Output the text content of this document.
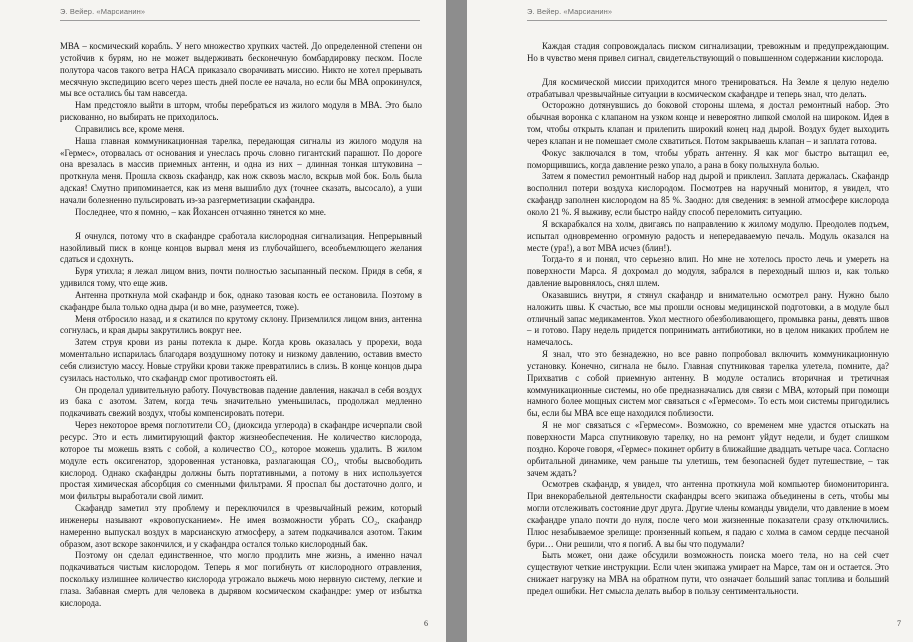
Э. Вейер. «Марсианин»

МВА – космический корабль. У него множество хрупких частей. До определенной степени он устойчив к бурям, но не может выдерживать бесконечную бомбардировку песком. После полутора часов такого ветра НАСА приказало сворачивать миссию. Никто не хотел прерывать месячную экспедицию всего через шесть дней после ее начала, но если бы МВА опрокинулся, мы все остались бы там навсегда.

Нам предстояло выйти в шторм, чтобы перебраться из жилого модуля в МВА. Это было рискованно, но выбирать не приходилось.

Справились все, кроме меня.

Наша главная коммуникационная тарелка, передающая сигналы из жилого модуля на «Гермес», оторвалась от основания и унеслась прочь словно гигантский парашют. По дороге она врезалась в массив приемных антенн, и одна из них – длинная тонкая штуковина – проткнула меня. Прошла сквозь скафандр, как нож сквозь масло, вскрыв мой бок. Боль была адская! Смутно припоминается, как из меня вышибло дух (точнее сказать, высосало), а уши начали болезненно пульсировать из-за разгерметизации скафандра.

Последнее, что я помню, – как Йохансен отчаянно тянется ко мне.

Я очнулся, потому что в скафандре сработала кислородная сигнализация. Непрерывный назойливый писк в конце концов вырвал меня из глубочайшего, всеобъемлющего желания сдаться и сдохнуть.

Буря утихла; я лежал лицом вниз, почти полностью засыпанный песком. Придя в себя, я удивился тому, что еще жив.

Антенна проткнула мой скафандр и бок, однако тазовая кость ее остановила. Поэтому в скафандре была только одна дыра (и во мне, разумеется, тоже).

Меня отбросило назад, и я скатился по крутому склону. Приземлился лицом вниз, антенна согнулась, и края дыры закрутились вокруг нее.

Затем струя крови из раны потекла к дыре. Когда кровь оказалась у прорехи, вода моментально испарилась благодаря воздушному потоку и низкому давлению, оставив вместо себя слизистую массу. Новые струйки крови также превратились в слизь. В конце концов дыра сузилась настолько, что скафандр смог противостоять ей.

Он проделал удивительную работу. Почувствовав падение давления, накачал в себя воздух из бака с азотом. Затем, когда течь значительно уменьшилась, продолжал медленно подкачивать свежий воздух, чтобы компенсировать потери.

Через некоторое время поглотители CO₂ (диоксида углерода) в скафандре исчерпали свой ресурс. Это и есть лимитирующий фактор жизнеобеспечения. Не количество кислорода, которое ты можешь взять с собой, а количество CO₂, которое можешь удалить. В жилом модуле есть оксигенатор, здоровенная установка, разлагающая CO₂, чтобы высвободить кислород. Однако скафандры должны быть портативными, а потому в них используется простая химическая абсорбция со сменными фильтрами. Я проспал бы достаточно долго, и мои фильтры выработали свой лимит.

Скафандр заметил эту проблему и переключился в чрезвычайный режим, который инженеры называют «кровопусканием». Не имея возможности убрать CO₂, скафандр намеренно выпускал воздух в марсианскую атмосферу, а затем подкачивался азотом. Таким образом, азот вскоре закончился, и у скафандра остался только кислородный бак.

Поэтому он сделал единственное, что могло продлить мне жизнь, а именно начал подкачиваться чистым кислородом. Теперь я мог погибнуть от кислородного отравления, поскольку излишнее количество кислорода угрожало выжечь мою нервную систему, легкие и глаза. Забавная смерть для человека в дырявом космическом скафандре: умер от избытка кислорода.

6
Э. Вейер. «Марсианин»

Каждая стадия сопровождалась писком сигнализации, тревожным и предупреждающим. Но в чувство меня привел сигнал, свидетельствующий о повышенном содержании кислорода.

Для космической миссии приходится много тренироваться. На Земле я целую неделю отрабатывал чрезвычайные ситуации в космическом скафандре и теперь знал, что делать.

Осторожно дотянувшись до боковой стороны шлема, я достал ремонтный набор. Это обычная воронка с клапаном на узком конце и невероятно липкой смолой на широком. Идея в том, чтобы открыть клапан и прилепить широкий конец над дырой. Воздух будет выходить через клапан и не помешает смоле схватиться. Потом закрываешь клапан – и заплата готова.

Фокус заключался в том, чтобы убрать антенну. Я как мог быстро вытащил ее, поморщившись, когда давление резко упало, а рана в боку полыхнула болью.

Затем я поместил ремонтный набор над дырой и приклеил. Заплата держалась. Скафандр восполнил потери воздуха кислородом. Посмотрев на наручный монитор, я увидел, что скафандр заполнен кислородом на 85 %. Заодно: для сведения: в земной атмосфере кислорода около 21 %. Я выживу, если быстро найду способ переломить ситуацию.

Я вскарабкался на холм, двигаясь по направлению к жилому модулю. Преодолев подъем, испытал одновременно огромную радость и непередаваемую печаль. Модуль оказался на месте (ура!), а вот МВА исчез (блин!).

Тогда-то я и понял, что серьезно влип. Но мне не хотелось просто лечь и умереть на поверхности Марса. Я дохромал до модуля, забрался в переходный шлюз и, как только давление выровнялось, снял шлем.

Оказавшись внутри, я стянул скафандр и внимательно осмотрел рану. Нужно было наложить швы. К счастью, все мы прошли основы медицинской подготовки, а в модуле был отличный запас медикаментов. Укол местного обезболивающего, промывка раны, девять швов – и готово. Пару недель придется попринимать антибиотики, но в целом никаких проблем не намечалось.

Я знал, что это безнадежно, но все равно попробовал включить коммуникационную установку. Конечно, сигнала не было. Главная спутниковая тарелка улетела, помните, да? Прихватив с собой приемную антенну. В модуле остались вторичная и третичная коммуникационные системы, но обе предназначались для связи с МВА, который при помощи намного более мощных систем мог связаться с «Гермесом». То есть мои системы пригодились бы, если бы МВА все еще находился поблизости.

Я не мог связаться с «Гермесом». Возможно, со временем мне удастся отыскать на поверхности Марса спутниковую тарелку, но на ремонт уйдут недели, и будет слишком поздно. Короче говоря, «Гермес» покинет орбиту в ближайшие двадцать четыре часа. Согласно орбитальной динамике, чем раньше ты улетишь, тем безопасней будет путешествие, – так зачем ждать?

Осмотрев скафандр, я увидел, что антенна проткнула мой компьютер биомониторинга. При внекорабельной деятельности скафандры всего экипажа объединены в сеть, чтобы мы могли отслеживать состояние друг друга. Другие члены команды увидели, что давление в моем скафандре упало почти до нуля, после чего мои жизненные показатели сразу отключились. Плюс незабываемое зрелище: пронзенный копьем, я падаю с холма в самом сердце песчаной бури… Они решили, что я погиб. А вы бы что подумали?

Быть может, они даже обсудили возможность поиска моего тела, но на сей счет существуют четкие инструкции. Если член экипажа умирает на Марсе, там он и остается. Это снижает нагрузку на МВА на обратном пути, что означает больший запас топлива и больший предел ошибки. Нет смысла делать выбор в пользу сентиментальности.

7
